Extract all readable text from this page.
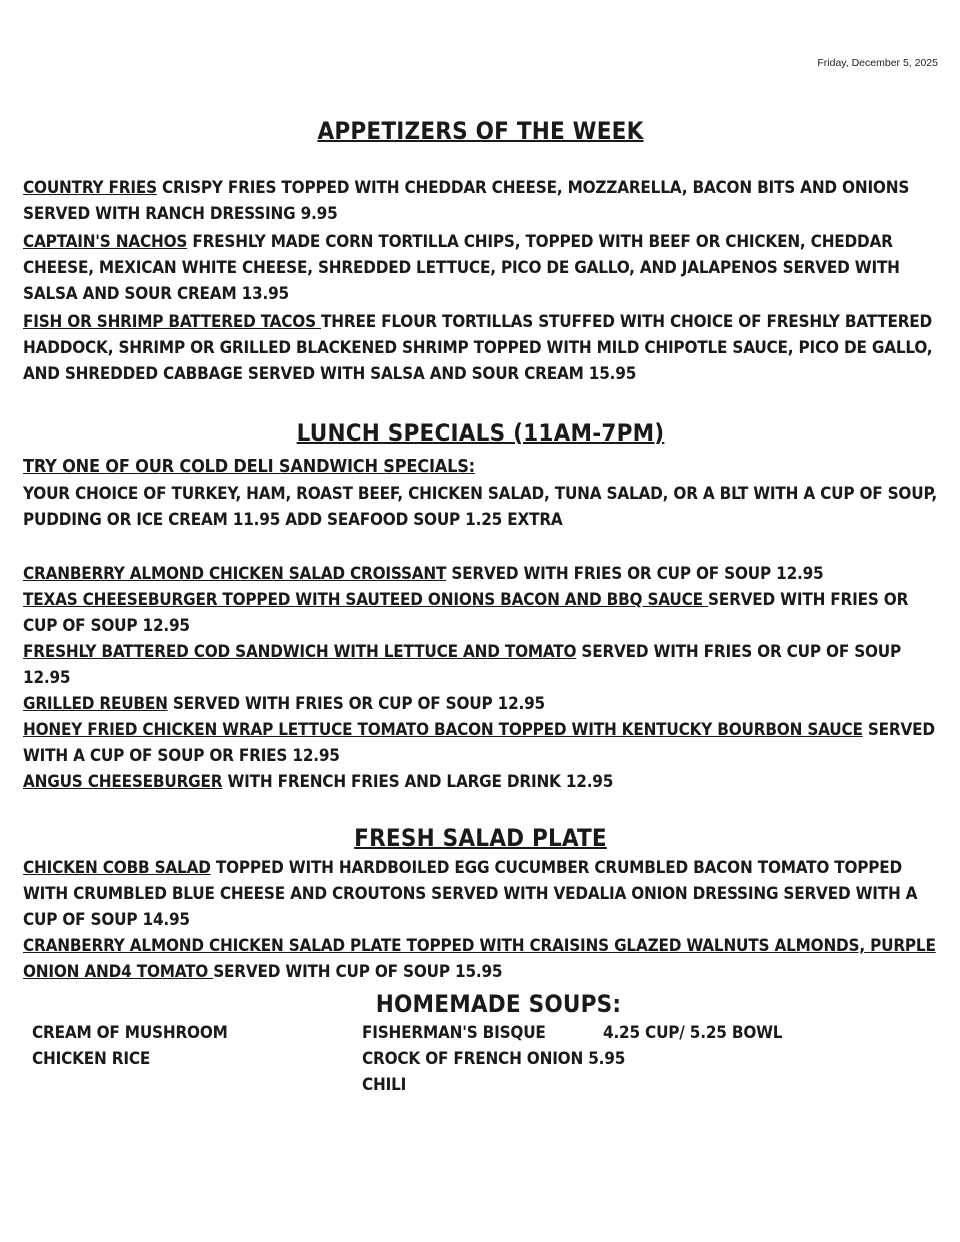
Friday, December 5, 2025
APPETIZERS OF THE WEEK

COUNTRY FRIES CRISPY FRIES TOPPED WITH CHEDDAR CHEESE, MOZZARELLA, BACON BITS AND ONIONS SERVED WITH RANCH DRESSING 9.95

CAPTAIN'S NACHOS FRESHLY MADE CORN TORTILLA CHIPS, TOPPED WITH BEEF OR CHICKEN, CHEDDAR CHEESE, MEXICAN WHITE CHEESE, SHREDDED LETTUCE, PICO DE GALLO, AND JALAPENOS SERVED WITH SALSA AND SOUR CREAM 13.95

FISH OR SHRIMP BATTERED TACOS THREE FLOUR TORTILLAS STUFFED WITH CHOICE OF FRESHLY BATTERED HADDOCK, SHRIMP OR GRILLED BLACKENED SHRIMP TOPPED WITH MILD CHIPOTLE SAUCE, PICO DE GALLO, AND SHREDDED CABBAGE SERVED WITH SALSA AND SOUR CREAM 15.95

LUNCH SPECIALS (11AM-7PM)
TRY ONE OF OUR COLD DELI SANDWICH SPECIALS:
YOUR CHOICE OF TURKEY, HAM, ROAST BEEF, CHICKEN SALAD, TUNA SALAD, OR A BLT WITH A CUP OF SOUP, PUDDING OR ICE CREAM 11.95 ADD SEAFOOD SOUP 1.25 EXTRA

CRANBERRY ALMOND CHICKEN SALAD CROISSANT SERVED WITH FRIES OR CUP OF SOUP 12.95

TEXAS CHEESEBURGER TOPPED WITH SAUTEED ONIONS BACON AND BBQ SAUCE SERVED WITH FRIES OR CUP OF SOUP 12.95

FRESHLY BATTERED COD SANDWICH WITH LETTUCE AND TOMATO SERVED WITH FRIES OR CUP OF SOUP 12.95

GRILLED REUBEN SERVED WITH FRIES OR CUP OF SOUP 12.95

HONEY FRIED CHICKEN WRAP LETTUCE TOMATO BACON TOPPED WITH KENTUCKY BOURBON SAUCE SERVED WITH A CUP OF SOUP OR FRIES 12.95

ANGUS CHEESEBURGER WITH FRENCH FRIES AND LARGE DRINK 12.95

FRESH SALAD PLATE

CHICKEN COBB SALAD TOPPED WITH HARDBOILED EGG CUCUMBER CRUMBLED BACON TOMATO TOPPED WITH CRUMBLED BLUE CHEESE AND CROUTONS SERVED WITH VEDALIA ONION DRESSING SERVED WITH A CUP OF SOUP 14.95

CRANBERRY ALMOND CHICKEN SALAD PLATE TOPPED WITH CRAISINS GLAZED WALNUTS ALMONDS, PURPLE ONION AND4 TOMATO SERVED WITH CUP OF SOUP 15.95

HOMEMADE SOUPS:
CREAM OF MUSHROOM
CHICKEN RICE
FISHERMAN'S BISQUE	4.25 CUP/ 5.25 BOWL
CROCK OF FRENCH ONION 5.95
CHILI
